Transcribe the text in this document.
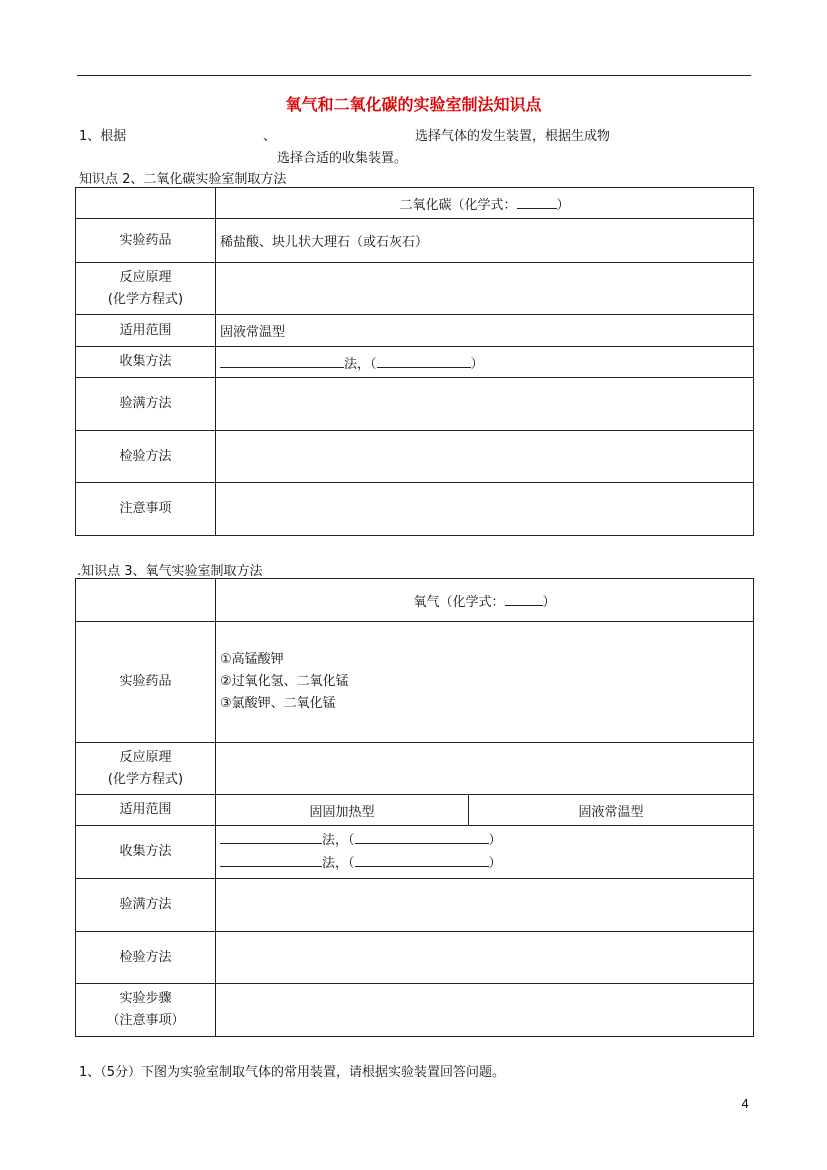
氧气和二氧化碳的实验室制法知识点
1、根据	、	选择气体的发生装置，根据生成物
选择合适的收集装置。
知识点 2、二氧化碳实验室制取方法
	二氧化碳（化学式： ）
实验药品	稀盐酸、块儿状大理石（或石灰石）

反应原理
(化学方程式)	

适用范围	固液常温型
收集方法	法，（ ）
验满方法	
检验方法	
注意事项	
.知识点 3、氧气实验室制取方法
	氧气（化学式： ）	
实验药品	①高锰酸钾
②过氧化氢、二氧化锰
③氯酸钾、二氧化锰	

反应原理
(化学方程式)		

适用范围	固固加热型	固液常温型
收集方法	法，（ ）
法，（ ）	

验满方法		
检验方法		

实验步骤
（注意事项）		

1、（5分）下图为实验室制取气体的常用装置，请根据实验装置回答问题。
4
